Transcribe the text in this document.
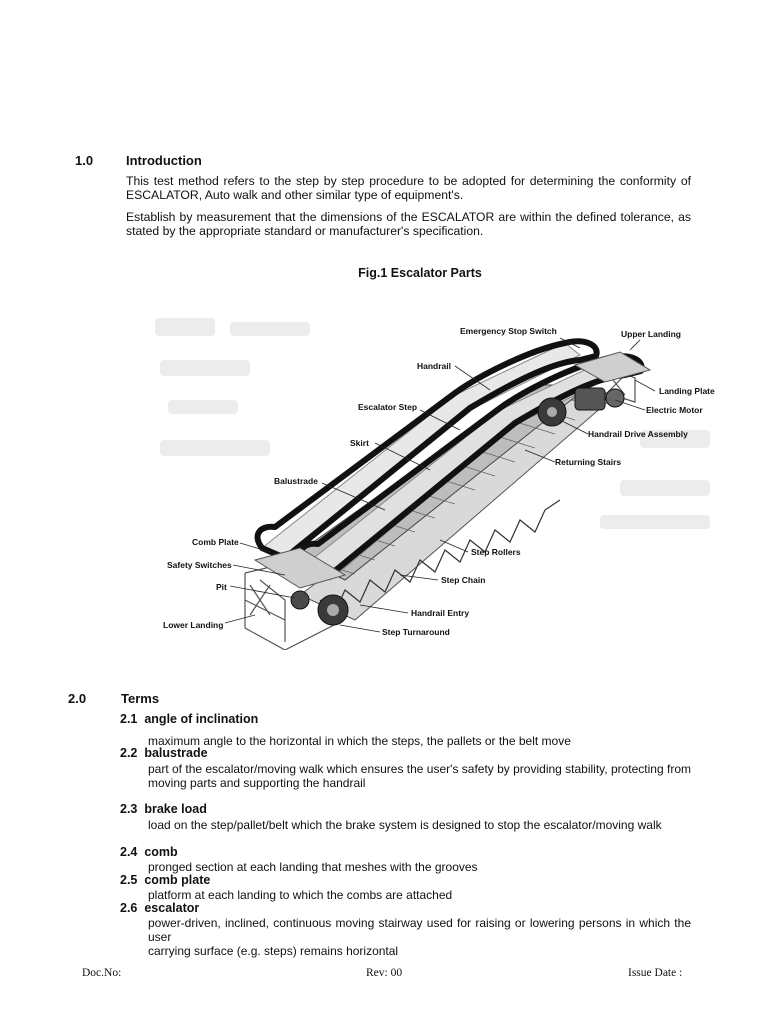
1.0	Introduction
This test method refers to the step by step procedure to be adopted for determining the conformity of ESCALATOR, Auto walk and other similar type of equipment's.
Establish by measurement that the dimensions of the ESCALATOR are within the defined tolerance, as stated by the appropriate standard or manufacturer's specification.
Fig.1 Escalator Parts
Emergency Stop Switch	Upper Landing
Handrail
Landing Plate
Electric Motor
Escalator Step
Handrail Drive Assembly
Skirt
Returning Stairs
Balustrade
Comb Plate
Step Rollers
Safety Switches
Pit
Step Chain
Handrail Entry
Lower Landing
Step Turnaround
2.0	Terms
2.1 angle of inclination
maximum angle to the horizontal in which the steps, the pallets or the belt move
2.2 balustrade
part of the escalator/moving walk which ensures the user's safety by providing stability, protecting from
moving parts and supporting the handrail
2.3 brake load
load on the step/pallet/belt which the brake system is designed to stop the escalator/moving walk
2.4 comb
pronged section at each landing that meshes with the grooves
2.5 comb plate
platform at each landing to which the combs are attached
2.6 escalator
power-driven, inclined, continuous moving stairway used for raising or lowering persons in which the user
carrying surface (e.g. steps) remains horizontal
Doc.No:	Rev: 00	Issue Date :
